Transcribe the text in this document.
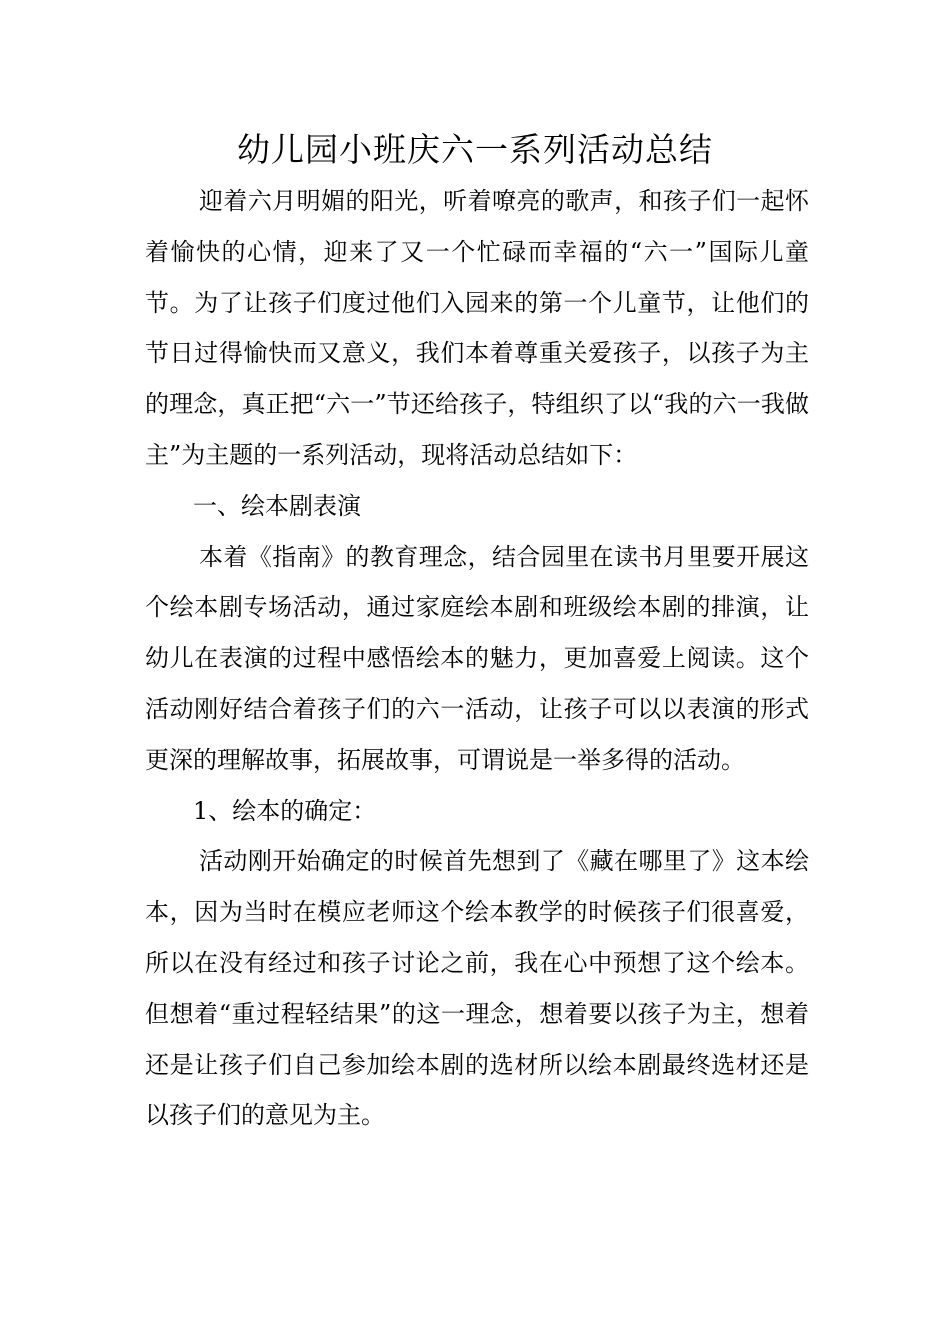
幼儿园小班庆六一系列活动总结

迎着六月明媚的阳光，听着嘹亮的歌声，和孩子们一起怀着愉快的心情，迎来了又一个忙碌而幸福的“六一”国际儿童节。为了让孩子们度过他们入园来的第一个儿童节，让他们的节日过得愉快而又意义，我们本着尊重关爱孩子，以孩子为主的理念，真正把“六一”节还给孩子，特组织了以“我的六一我做主”为主题的一系列活动，现将活动总结如下：

一、绘本剧表演

本着《指南》的教育理念，结合园里在读书月里要开展这个绘本剧专场活动，通过家庭绘本剧和班级绘本剧的排演，让幼儿在表演的过程中感悟绘本的魅力，更加喜爱上阅读。这个活动刚好结合着孩子们的六一活动，让孩子可以以表演的形式更深的理解故事，拓展故事，可谓说是一举多得的活动。

1、绘本的确定：

活动刚开始确定的时候首先想到了《藏在哪里了》这本绘本，因为当时在模应老师这个绘本教学的时候孩子们很喜爱，所以在没有经过和孩子讨论之前，我在心中预想了这个绘本。但想着“重过程轻结果”的这一理念，想着要以孩子为主，想着还是让孩子们自己参加绘本剧的选材所以绘本剧最终选材还是以孩子们的意见为主。
